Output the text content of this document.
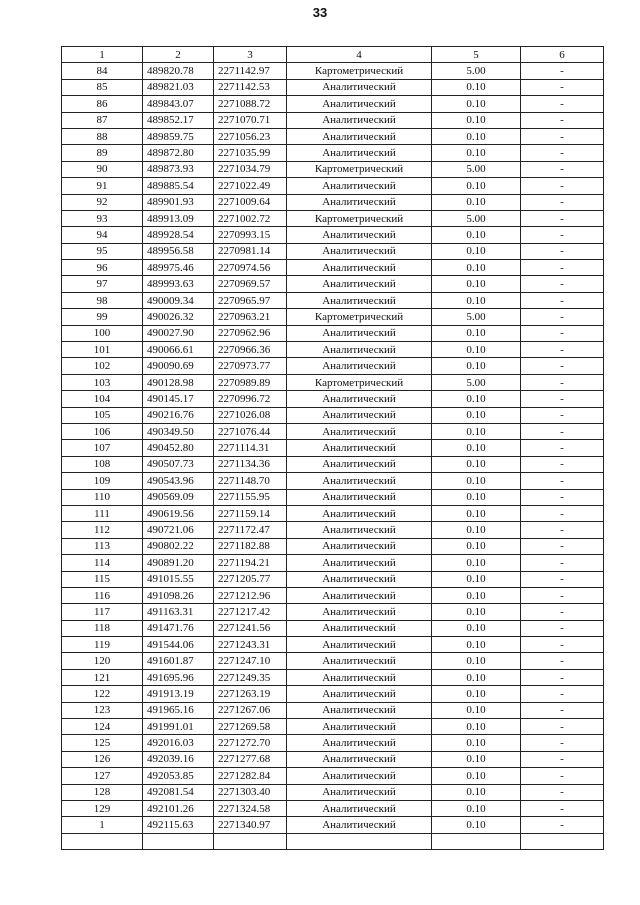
33
1	2	3	4	5	6
84	489820.78	2271142.97	Картометрический	5.00	-
85	489821.03	2271142.53	Аналитический	0.10	-
86	489843.07	2271088.72	Аналитический	0.10	-
87	489852.17	2271070.71	Аналитический	0.10	-
88	489859.75	2271056.23	Аналитический	0.10	-
89	489872.80	2271035.99	Аналитический	0.10	-
90	489873.93	2271034.79	Картометрический	5.00	-
91	489885.54	2271022.49	Аналитический	0.10	-
92	489901.93	2271009.64	Аналитический	0.10	-
93	489913.09	2271002.72	Картометрический	5.00	-
94	489928.54	2270993.15	Аналитический	0.10	-
95	489956.58	2270981.14	Аналитический	0.10	-
96	489975.46	2270974.56	Аналитический	0.10	-
97	489993.63	2270969.57	Аналитический	0.10	-
98	490009.34	2270965.97	Аналитический	0.10	-
99	490026.32	2270963.21	Картометрический	5.00	-
100	490027.90	2270962.96	Аналитический	0.10	-
101	490066.61	2270966.36	Аналитический	0.10	-
102	490090.69	2270973.77	Аналитический	0.10	-
103	490128.98	2270989.89	Картометрический	5.00	-
104	490145.17	2270996.72	Аналитический	0.10	-
105	490216.76	2271026.08	Аналитический	0.10	-
106	490349.50	2271076.44	Аналитический	0.10	-
107	490452.80	2271114.31	Аналитический	0.10	-
108	490507.73	2271134.36	Аналитический	0.10	-
109	490543.96	2271148.70	Аналитический	0.10	-
110	490569.09	2271155.95	Аналитический	0.10	-
111	490619.56	2271159.14	Аналитический	0.10	-
112	490721.06	2271172.47	Аналитический	0.10	-
113	490802.22	2271182.88	Аналитический	0.10	-
114	490891.20	2271194.21	Аналитический	0.10	-
115	491015.55	2271205.77	Аналитический	0.10	-
116	491098.26	2271212.96	Аналитический	0.10	-
117	491163.31	2271217.42	Аналитический	0.10	-
118	491471.76	2271241.56	Аналитический	0.10	-
119	491544.06	2271243.31	Аналитический	0.10	-
120	491601.87	2271247.10	Аналитический	0.10	-
121	491695.96	2271249.35	Аналитический	0.10	-
122	491913.19	2271263.19	Аналитический	0.10	-
123	491965.16	2271267.06	Аналитический	0.10	-
124	491991.01	2271269.58	Аналитический	0.10	-
125	492016.03	2271272.70	Аналитический	0.10	-
126	492039.16	2271277.68	Аналитический	0.10	-
127	492053.85	2271282.84	Аналитический	0.10	-
128	492081.54	2271303.40	Аналитический	0.10	-
129	492101.26	2271324.58	Аналитический	0.10	-
1	492115.63	2271340.97	Аналитический	0.10	-
